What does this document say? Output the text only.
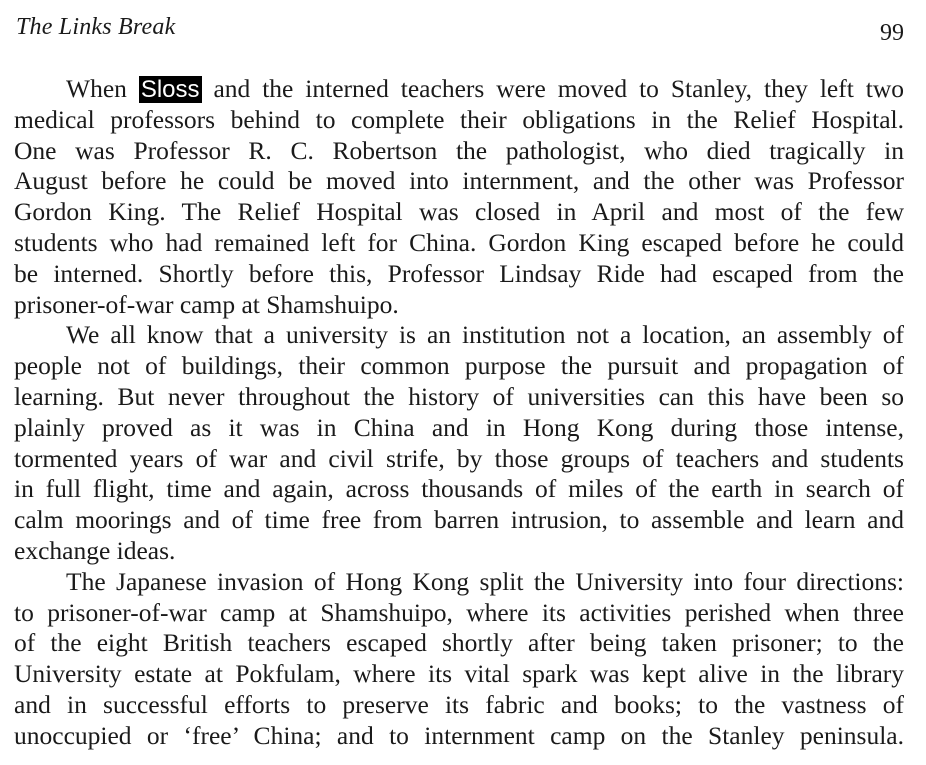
The Links Break	99
When Sloss and the interned teachers were moved to Stanley, they left two
medical professors behind to complete their obligations in the Relief Hospital.
One was Professor R. C. Robertson the pathologist, who died tragically in
August before he could be moved into internment, and the other was Professor
Gordon King. The Relief Hospital was closed in April and most of the few
students who had remained left for China. Gordon King escaped before he could
be interned. Shortly before this, Professor Lindsay Ride had escaped from the
prisoner-of-war camp at Shamshuipo.
We all know that a university is an institution not a location, an assembly of
people not of buildings, their common purpose the pursuit and propagation of
learning. But never throughout the history of universities can this have been so
plainly proved as it was in China and in Hong Kong during those intense,
tormented years of war and civil strife, by those groups of teachers and students
in full flight, time and again, across thousands of miles of the earth in search of
calm moorings and of time free from barren intrusion, to assemble and learn and
exchange ideas.
The Japanese invasion of Hong Kong split the University into four directions:
to prisoner-of-war camp at Shamshuipo, where its activities perished when three
of the eight British teachers escaped shortly after being taken prisoner; to the
University estate at Pokfulam, where its vital spark was kept alive in the library
and in successful efforts to preserve its fabric and books; to the vastness of
unoccupied or ‘free’ China; and to internment camp on the Stanley peninsula.
